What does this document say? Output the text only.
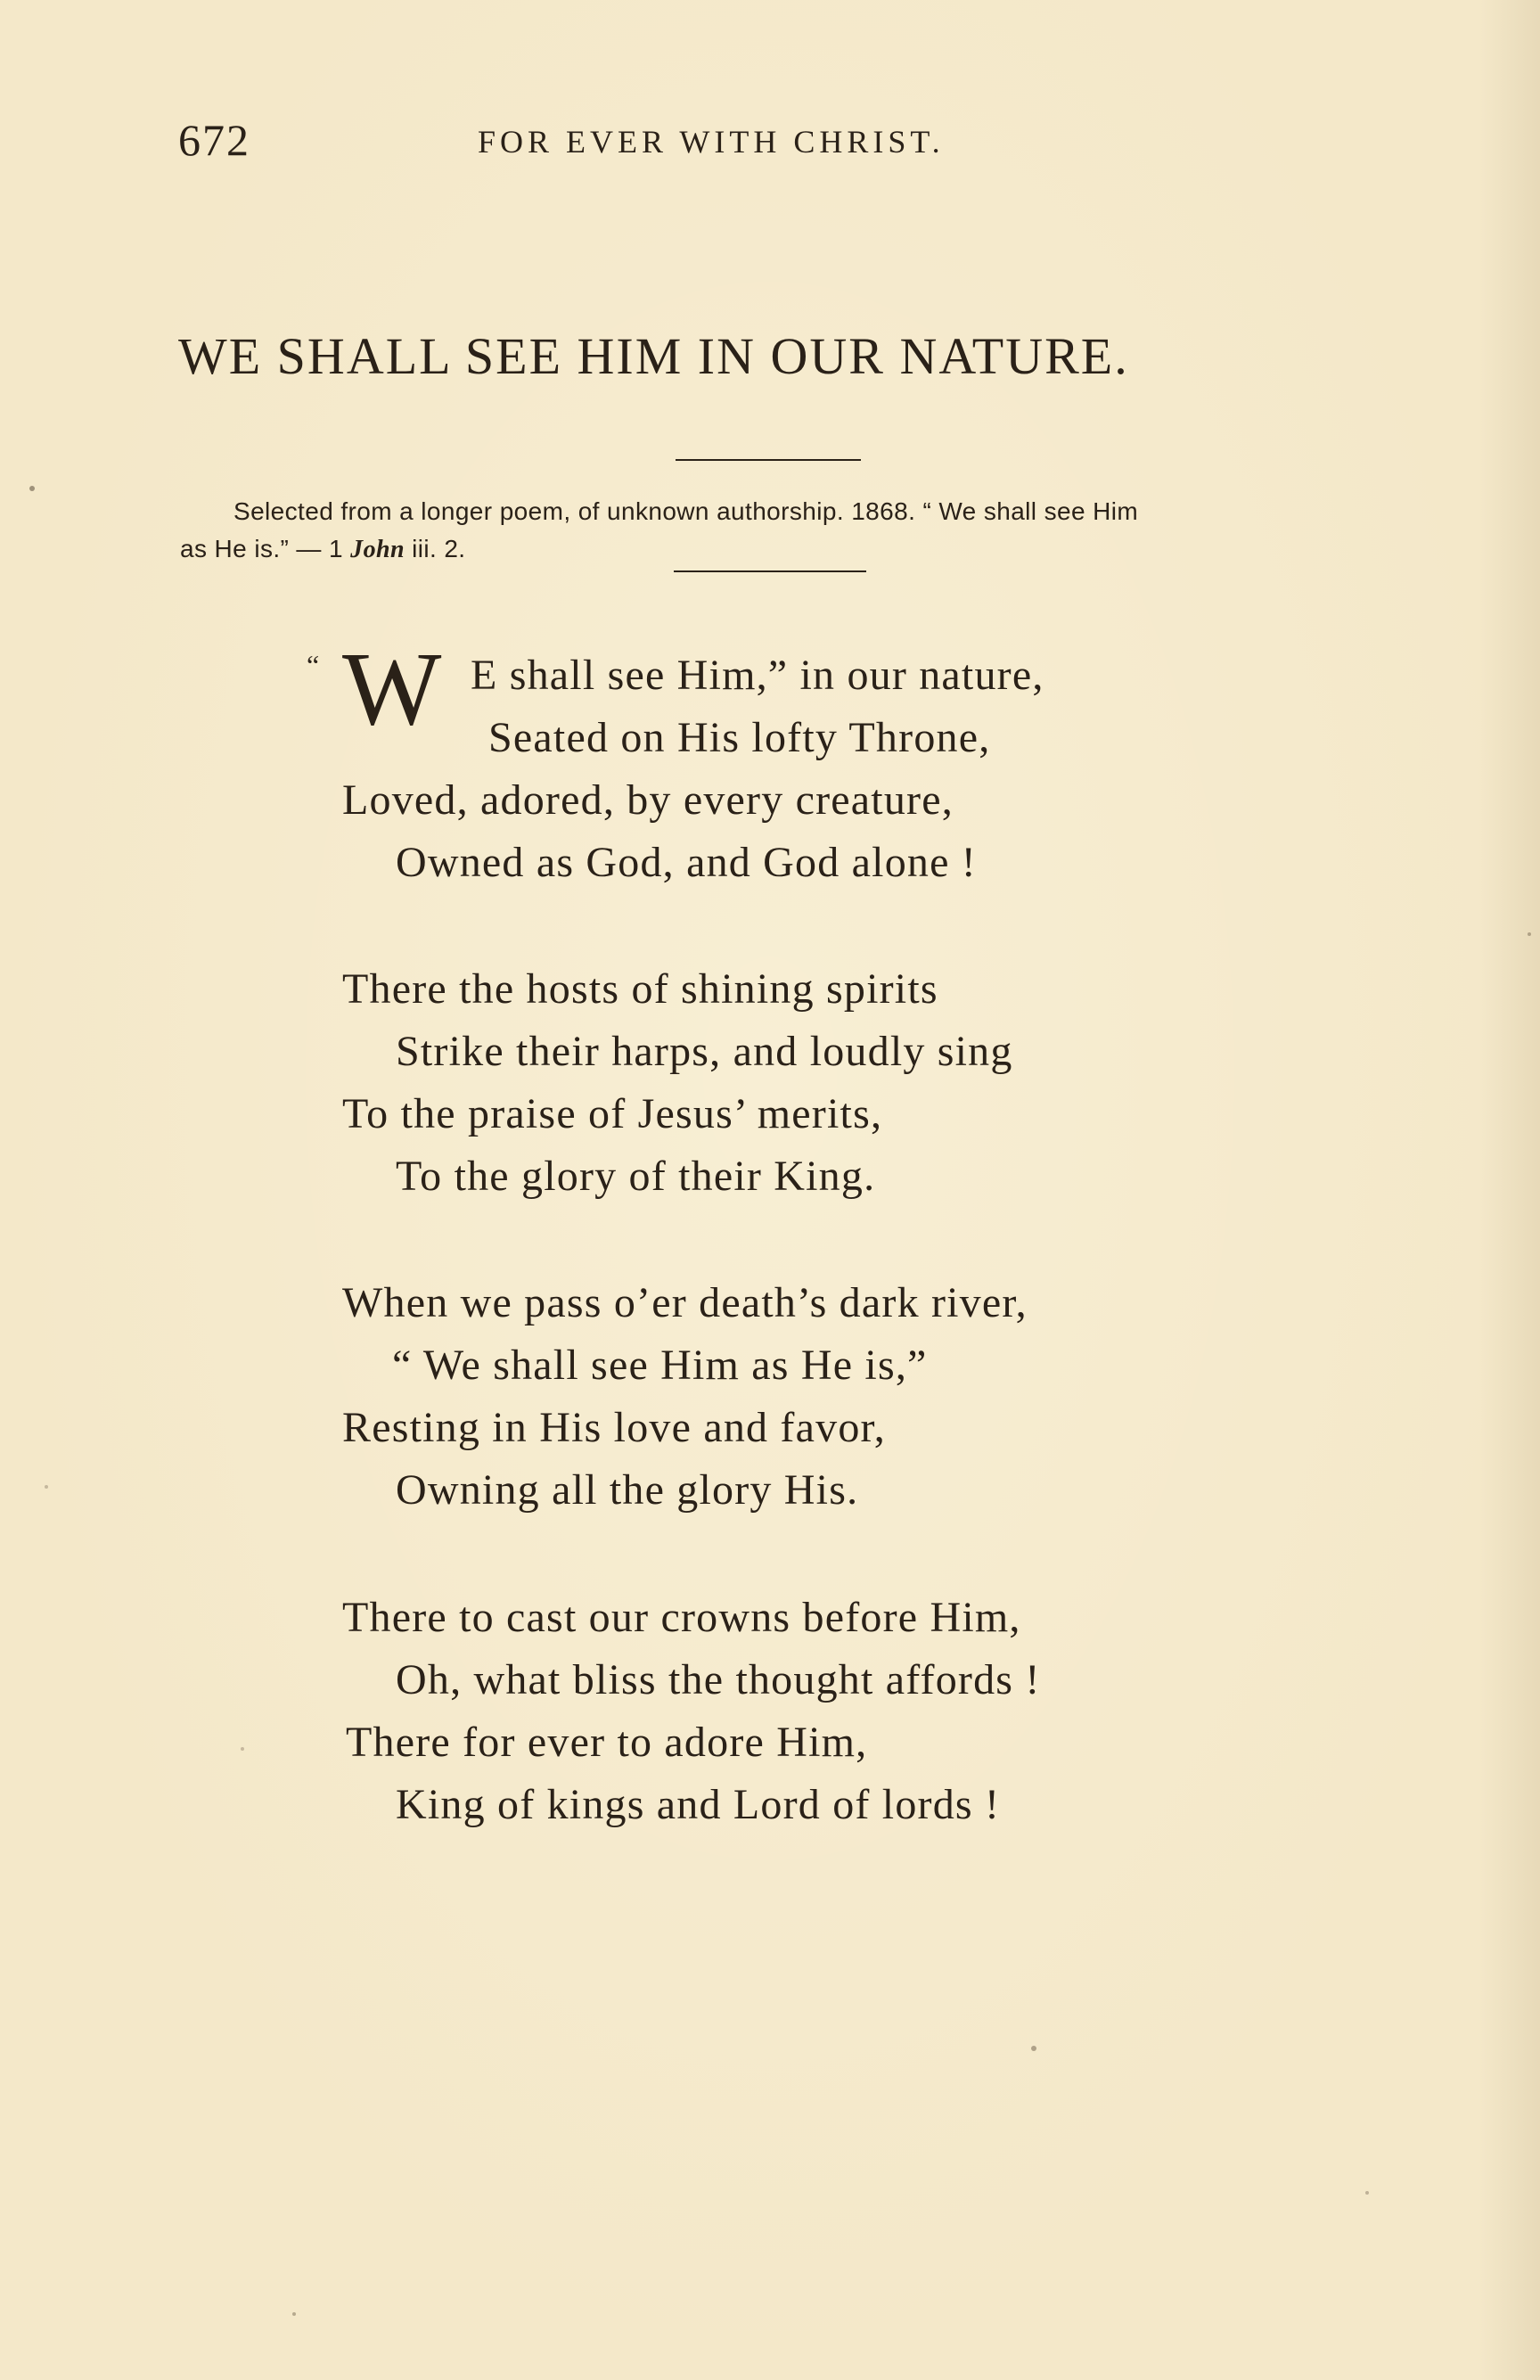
672	FOR EVER WITH CHRIST.
WE SHALL SEE HIM IN OUR NATURE.
Selected from a longer poem, of unknown authorship. 1868. “ We shall see Him
as He is.” — 1 John iii. 2.
“ W E shall see Him,” in our nature,
Seated on His lofty Throne,
Loved, adored, by every creature,
Owned as God, and God alone !
There the hosts of shining spirits
Strike their harps, and loudly sing
To the praise of Jesus’ merits,
To the glory of their King.
When we pass o’er death’s dark river,
“ We shall see Him as He is,”
Resting in His love and favor,
Owning all the glory His.
There to cast our crowns before Him,
Oh, what bliss the thought affords !
There for ever to adore Him,
King of kings and Lord of lords !
